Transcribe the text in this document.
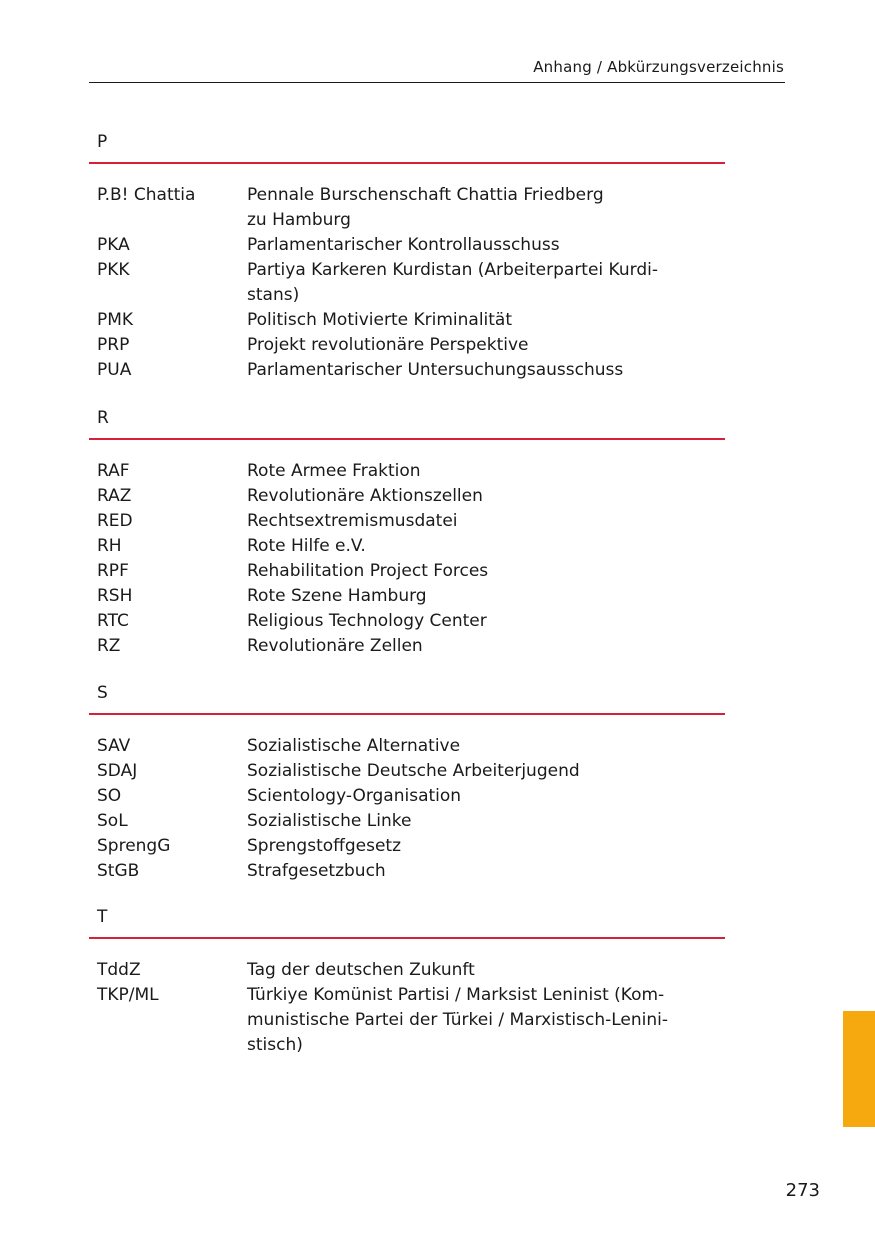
Anhang / Abkürzungsverzeichnis
P
P.B! Chattia	Pennale Burschenschaft Chattia Friedberg
zu Hamburg
PKA	Parlamentarischer Kontrollausschuss
PKK	Partiya Karkeren Kurdistan (Arbeiterpartei Kurdi-
stans)
PMK	Politisch Motivierte Kriminalität
PRP	Projekt revolutionäre Perspektive
PUA	Parlamentarischer Untersuchungsausschuss
R
RAF	Rote Armee Fraktion
RAZ	Revolutionäre Aktionszellen
RED	Rechtsextremismusdatei
RH	Rote Hilfe e.V.
RPF	Rehabilitation Project Forces
RSH	Rote Szene Hamburg
RTC	Religious Technology Center
RZ	Revolutionäre Zellen
S
SAV	Sozialistische Alternative
SDAJ	Sozialistische Deutsche Arbeiterjugend
SO	Scientology-Organisation
SoL	Sozialistische Linke
SprengG	Sprengstoffgesetz
StGB	Strafgesetzbuch
T
TddZ	Tag der deutschen Zukunft
TKP/ML	Türkiye Komünist Partisi / Marksist Leninist (Kom-
munistische Partei der Türkei / Marxistisch-Lenini-
stisch)
273
